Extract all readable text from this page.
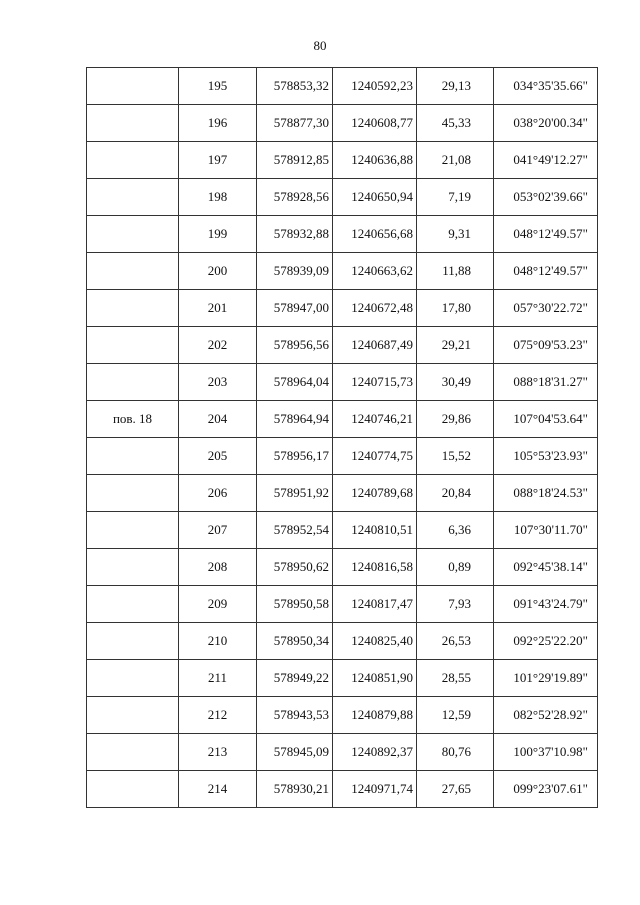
80

	195	578853,32	1240592,23	29,13	034°35'35.66"

	196	578877,30	1240608,77	45,33	038°20'00.34"

	197	578912,85	1240636,88	21,08	041°49'12.27"

	198	578928,56	1240650,94	7,19	053°02'39.66"

	199	578932,88	1240656,68	9,31	048°12'49.57"

	200	578939,09	1240663,62	11,88	048°12'49.57"

	201	578947,00	1240672,48	17,80	057°30'22.72"

	202	578956,56	1240687,49	29,21	075°09'53.23"

	203	578964,04	1240715,73	30,49	088°18'31.27"

пов. 18	204	578964,94	1240746,21	29,86	107°04'53.64"

	205	578956,17	1240774,75	15,52	105°53'23.93"

	206	578951,92	1240789,68	20,84	088°18'24.53"

	207	578952,54	1240810,51	6,36	107°30'11.70"

	208	578950,62	1240816,58	0,89	092°45'38.14"

	209	578950,58	1240817,47	7,93	091°43'24.79"

	210	578950,34	1240825,40	26,53	092°25'22.20"

	211	578949,22	1240851,90	28,55	101°29'19.89"

	212	578943,53	1240879,88	12,59	082°52'28.92"

	213	578945,09	1240892,37	80,76	100°37'10.98"

	214	578930,21	1240971,74	27,65	099°23'07.61"
